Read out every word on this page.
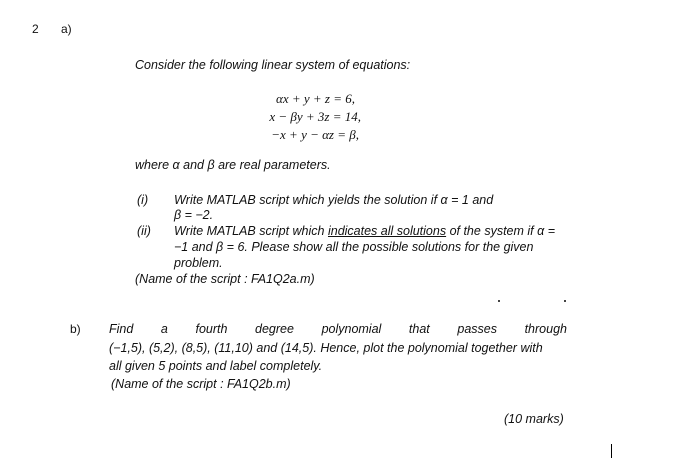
2 a)
Consider the following linear system of equations:
αx + y + z = 6,
x − βy + 3z = 14,
−x + y − αz = β,
where α and β are real parameters.
(i) Write MATLAB script which yields the solution if α = 1 and
β = −2.
(ii) Write MATLAB script which indicates all solutions of the system if α =
−1 and β = 6. Please show all the possible solutions for the given
problem.
(Name of the script : FA1Q2a.m)
b) Find a fourth degree polynomial that passes through
(−1,5), (5,2), (8,5), (11,10) and (14,5). Hence, plot the polynomial together with
all given 5 points and label completely.
(Name of the script : FA1Q2b.m)
(10 marks)
